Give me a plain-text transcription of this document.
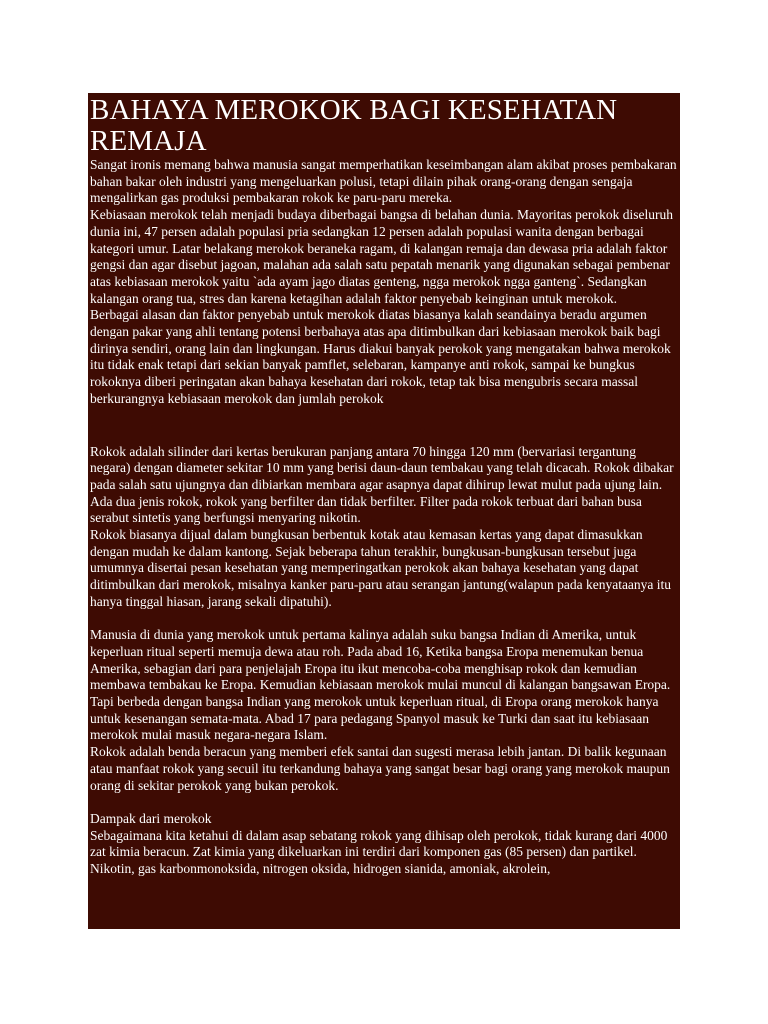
BAHAYA MEROKOK BAGI KESEHATAN REMAJA

Sangat ironis memang bahwa manusia sangat memperhatikan keseimbangan alam akibat proses pembakaran bahan bakar oleh industri yang mengeluarkan polusi, tetapi dilain pihak orang-orang dengan sengaja mengalirkan gas produksi pembakaran rokok ke paru-paru mereka.

Kebiasaan merokok telah menjadi budaya diberbagai bangsa di belahan dunia. Mayoritas perokok diseluruh dunia ini, 47 persen adalah populasi pria sedangkan 12 persen adalah populasi wanita dengan berbagai kategori umur. Latar belakang merokok beraneka ragam, di kalangan remaja dan dewasa pria adalah faktor gengsi dan agar disebut jagoan, malahan ada salah satu pepatah menarik yang digunakan sebagai pembenar atas kebiasaan merokok yaitu `ada ayam jago diatas genteng, ngga merokok ngga ganteng`. Sedangkan kalangan orang tua, stres dan karena ketagihan adalah faktor penyebab keinginan untuk merokok.

Berbagai alasan dan faktor penyebab untuk merokok diatas biasanya kalah seandainya beradu argumen dengan pakar yang ahli tentang potensi berbahaya atas apa ditimbulkan dari kebiasaan merokok baik bagi dirinya sendiri, orang lain dan lingkungan. Harus diakui banyak perokok yang mengatakan bahwa merokok itu tidak enak tetapi dari sekian banyak pamflet, selebaran, kampanye anti rokok, sampai ke bungkus rokoknya diberi peringatan akan bahaya kesehatan dari rokok, tetap tak bisa mengubris secara massal berkurangnya kebiasaan merokok dan jumlah perokok

Rokok adalah silinder dari kertas berukuran panjang antara 70 hingga 120 mm (bervariasi tergantung negara) dengan diameter sekitar 10 mm yang berisi daun-daun tembakau yang telah dicacah. Rokok dibakar pada salah satu ujungnya dan dibiarkan membara agar asapnya dapat dihirup lewat mulut pada ujung lain.

Ada dua jenis rokok, rokok yang berfilter dan tidak berfilter. Filter pada rokok terbuat dari bahan busa serabut sintetis yang berfungsi menyaring nikotin.

Rokok biasanya dijual dalam bungkusan berbentuk kotak atau kemasan kertas yang dapat dimasukkan dengan mudah ke dalam kantong. Sejak beberapa tahun terakhir, bungkusan-bungkusan tersebut juga umumnya disertai pesan kesehatan yang memperingatkan perokok akan bahaya kesehatan yang dapat ditimbulkan dari merokok, misalnya kanker paru-paru atau serangan jantung(walapun pada kenyataanya itu hanya tinggal hiasan, jarang sekali dipatuhi).

Manusia di dunia yang merokok untuk pertama kalinya adalah suku bangsa Indian di Amerika, untuk keperluan ritual seperti memuja dewa atau roh. Pada abad 16, Ketika bangsa Eropa menemukan benua Amerika, sebagian dari para penjelajah Eropa itu ikut mencoba-coba menghisap rokok dan kemudian membawa tembakau ke Eropa. Kemudian kebiasaan merokok mulai muncul di kalangan bangsawan Eropa. Tapi berbeda dengan bangsa Indian yang merokok untuk keperluan ritual, di Eropa orang merokok hanya untuk kesenangan semata-mata. Abad 17 para pedagang Spanyol masuk ke Turki dan saat itu kebiasaan merokok mulai masuk negara-negara Islam.

Rokok adalah benda beracun yang memberi efek santai dan sugesti merasa lebih jantan. Di balik kegunaan atau manfaat rokok yang secuil itu terkandung bahaya yang sangat besar bagi orang yang merokok maupun orang di sekitar perokok yang bukan perokok.

Dampak dari merokok

Sebagaimana kita ketahui di dalam asap sebatang rokok yang dihisap oleh perokok, tidak kurang dari 4000 zat kimia beracun. Zat kimia yang dikeluarkan ini terdiri dari komponen gas (85 persen) dan partikel. Nikotin, gas karbonmonoksida, nitrogen oksida, hidrogen sianida, amoniak, akrolein,
